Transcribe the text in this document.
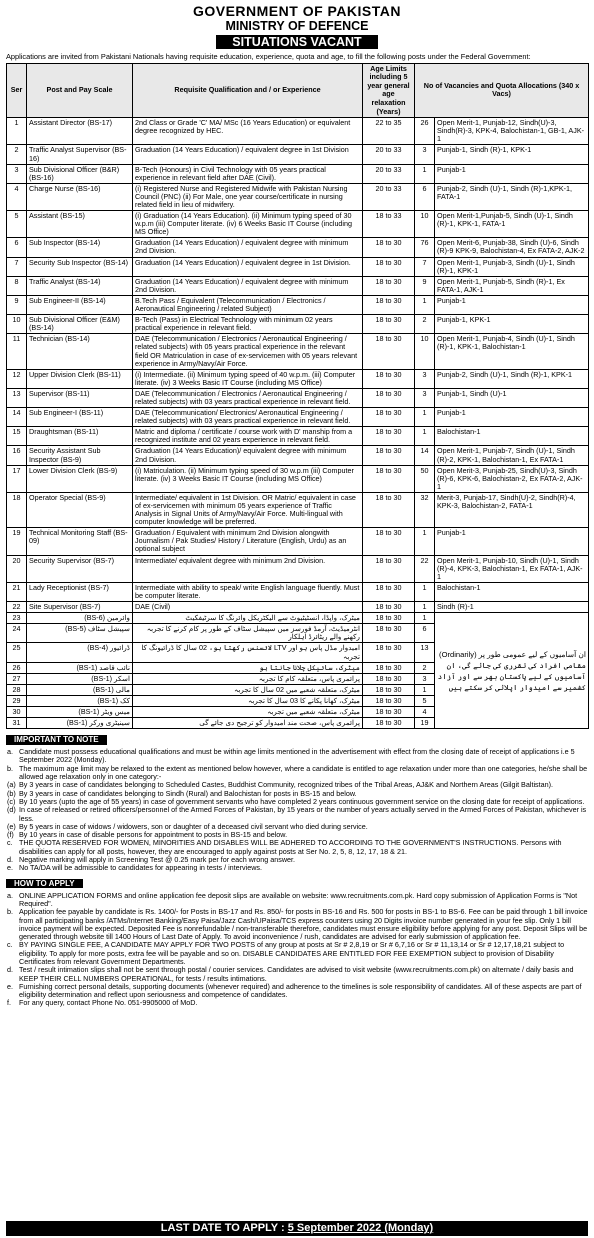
GOVERNMENT OF PAKISTAN
MINISTRY OF DEFENCE
SITUATIONS VACANT
Applications are invited from Pakistani Nationals having requisite education, experience, quota and age, to fill the following posts under the Federal Government:
Ser	Post and Pay Scale	Requisite Qualification and / or Experience	Age Limits including 5 year general age relaxation (Years)	No of Vacancies and Quota Allocations (340 x Vacs)	
1	Assistant Director (BS-17)	2nd Class or Grade 'C' MA/ MSc (16 Years Education) or equivalent degree recognized by HEC.	22 to 35	26	Open Merit-1, Punjab-12, Sindh(U)-3, Sindh(R)-3, KPK-4, Balochistan-1, GB-1, AJK-1
2	Traffic Analyst Supervisor (BS-16)	Graduation (14 Years Education) / equivalent degree in 1st Division	20 to 33	3	Punjab-1, Sindh (R)-1, KPK-1
3	Sub Divisional Officer (B&R) (BS-16)	B-Tech (Honours) in Civil Technology with 05 years practical experience in relevant field after DAE (Civil).	20 to 33	1	Punjab-1
4	Charge Nurse (BS-16)	(i) Registered Nurse and Registered Midwife with Pakistan Nursing Council (PNC) (ii) For Male, one year course/certificate in nursing related field in lieu of midwifery.	20 to 33	6	Punjab-2, Sindh (U)-1, Sindh (R)-1,KPK-1, FATA-1
5	Assistant (BS-15)	(i) Graduation (14 Years Education). (ii) Minimum typing speed of 30 w.p.m (iii) Computer literate. (iv) 6 Weeks Basic IT Course (including MS Office)	18 to 33	10	Open Merit-1,Punjab-5, Sindh (U)-1, Sindh (R)-1, KPK-1, FATA-1
6	Sub Inspector (BS-14)	Graduation (14 Years Education) / equivalent degree with minimum 2nd Division.	18 to 30	76	Open Merit-6, Punjab-38, Sindh (U)-6, Sindh (R)-9 KPK-9, Balochistan-4, Ex FATA-2, AJK-2
7	Security Sub Inspector (BS-14)	Graduation (14 Years Education) / equivalent degree in 1st Division.	18 to 30	7	Open Merit-1, Punjab-3, Sindh (U)-1, Sindh (R)-1, KPK-1
8	Traffic Analyst (BS-14)	Graduation (14 Years Education) / equivalent degree with minimum 2nd Division.	18 to 30	9	Open Merit-1, Punjab-5, Sindh (R)-1, Ex FATA-1, AJK-1
9	Sub Engineer-II (BS-14)	B.Tech Pass / Equivalent (Telecommunication / Electronics / Aeronautical Engineering / related Subject)	18 to 30	1	Punjab-1
10	Sub Divisional Officer (E&M) (BS-14)	B-Tech (Pass) in Electrical Technology with minimum 02 years practical experience in relevant field.	18 to 30	2	Punjab-1, KPK-1
11	Technician (BS-14)	DAE (Telecommunication / Electronics / Aeronautical Engineering / related subjects) with 05 years practical experience in the relevant field OR Matriculation in case of ex-servicemen with 05 years relevant experience in Army/Navy/Air Force.	18 to 30	10	Open Merit-1, Punjab-4, Sindh (U)-1, Sindh (R)-1, KPK-1, Balochistan-1
12	Upper Division Clerk (BS-11)	(i) Intermediate. (ii) Minimum typing speed of 40 w.p.m. (iii) Computer literate. (iv) 3 Weeks Basic IT Course (including MS Office)	18 to 30	3	Punjab-2, Sindh (U)-1, Sindh (R)-1, KPK-1
13	Supervisor (BS-11)	DAE (Telecommunication / Electronics / Aeronautical Engineering / related subjects) with 03 years practical experience in relevant field.	18 to 30	3	Punjab-1, Sindh (U)-1
14	Sub Engineer-I (BS-11)	DAE (Telecommunication/ Electronics/ Aeronautical Engineering / related subjects) with 03 years practical experience in relevant field.	18 to 30	1	Punjab-1
15	Draughtsman (BS-11)	Matric and diploma / certificate / course work with D' manship from a recognized institute and 02 years experience in relevant field.	18 to 30	1	Balochistan-1
16	Security Assistant Sub Inspector (BS-9)	Graduation (14 Years Education)/ equivalent degree with minimum 2nd Division.	18 to 30	14	Open Merit-1, Punjab-7, Sindh (U)-1, Sindh (R)-2, KPK-1, Balochistan-1, Ex FATA-1
17	Lower Division Clerk (BS-9)	(i) Matriculation. (ii) Minimum typing speed of 30 w.p.m (iii) Computer literate. (iv) 3 Weeks Basic IT Course (including MS Office)	18 to 30	50	Open Merit-3, Punjab-25, Sindh(U)-3, Sindh (R)-6, KPK-6, Balochistan-2, Ex FATA-2, AJK-1
18	Operator Special (BS-9)	Intermediate/ equivalent in 1st Division. OR Matric/ equivalent in case of ex-servicemen with minimum 05 years experience of Traffic Analysis in Signal Units of Army/Navy/Air Force. Multi-lingual with computer knowledge will be preferred.	18 to 30	32	Merit-3, Punjab-17, Sindh(U)-2, Sindh(R)-4, KPK-3, Balochistan-2, FATA-1
19	Technical Monitoring Staff (BS-09)	Graduation / Equivalent with minimum 2nd Division alongwith Journalism / Pak Studies/ History / Literature (English, Urdu) as an optional subject	18 to 30	1	Punjab-1
20	Security Supervisor (BS-7)	Intermediate/ equivalent degree with minimum 2nd Division.	18 to 30	22	Open Merit-1, Punjab-10, Sindh (U)-1, Sindh (R)-4, KPK-3, Balochistan-1, Ex FATA-1, AJK-1
21	Lady Receptionist (BS-7)	Intermediate with ability to speak/ write English language fluently. Must be computer literate.	18 to 30	1	Balochistan-1
22	Site Supervisor (BS-7)	DAE (Civil)	18 to 30	1	Sindh (R)-1
23	وائرمین (BS-6)	میٹرک، واپڈا، انسٹیٹیوٹ سے الیکٹریکل وائرنگ کا سرٹیفکیٹ	18 to 30	1	ان آسامیوں کے لیے عمومی طور پر (Ordinarily) مقامی افراد کی تقرری کی جائے گی، ان آسامیوں کے لیے پاکستان بھر سے اور آزاد کشمیر سے امیدوار اپلائی کر سکتے ہیں
24	سپیشل سٹاف (BS-5)	انٹرمیڈیٹ، آرمڈ فورسز میں سپیشل سٹاف کے طور پر کام کرنے کا تجربہ رکھنے والے ریٹائرڈ اہلکار	18 to 30	6	
25	ڈرائیور (BS-4)	امیدوار مڈل پاس ہو اور LTV لائسنس رکھتا ہو، 02 سال کا ڈرائیونگ کا تجربہ	18 to 30	13	
26	نائب قاصد (BS-1)	میٹرک، سائیکل چلانا جانتا ہو	18 to 30	2	
27	اسکر (BS-1)	پرائمری پاس، متعلقہ کام کا تجربہ	18 to 30	3	
28	مالی (BS-1)	میٹرک، متعلقہ شعبے میں 02 سال کا تجربہ	18 to 30	1	
29	کک (BS-1)	میٹرک، کھانا پکانے کا 03 سال کا تجربہ	18 to 30	5	
30	میس ویٹر (BS-1)	میٹرک، متعلقہ شعبے میں تجربہ	18 to 30	4	
31	سینیٹری ورکر (BS-1)	پرائمری پاس، صحت مند امیدوار کو ترجیح دی جائے گی	18 to 30	19	
IMPORTANT TO NOTE
a. Candidate must possess educational qualifications and must be within age limits mentioned in the advertisement with effect from the closing date of receipt of applications i.e 5 September 2022 (Monday).
b. The maximum age limit may be relaxed to the extent as mentioned below however, where a candidate is entitled to age relaxation under more than one categories, he/she shall be allowed age relaxation only in one category:-
(a) By 3 years in case of candidates belonging to Scheduled Castes, Buddhist Community, recognized tribes of the Tribal Areas, AJ&K and Northern Areas (Gilgit Baltistan).
(b) By 3 years in case of candidates belonging to Sindh (Rural) and Balochistan for posts in BS-15 and below.
(c) By 10 years (upto the age of 55 years) in case of government servants who have completed 2 years continuous government service on the closing date for receipt of applications.
(d) In case of released or retired officers/personnel of the Armed Forces of Pakistan, by 15 years or the number of years actually served in the Armed Forces of Pakistan, whichever is less.
(e) By 5 years in case of widows / widowers, son or daughter of a deceased civil servant who died during service.
(f) By 10 years in case of disable persons for appointment to posts in BS-15 and below.
c. THE QUOTA RESERVED FOR WOMEN, MINORITIES AND DISABLES WILL BE ADHERED TO ACCORDING TO THE GOVERNMENT'S INSTRUCTIONS. Persons with disabilities can apply for all posts, however, they are encouraged to apply against posts at Ser No. 2, 5, 8, 12, 17, 18 & 21.
d. Negative marking will apply in Screening Test @ 0.25 mark per for each wrong answer.
e. No TA/DA will be admissible to candidates for appearing in tests / interviews.
HOW TO APPLY
a. ONLINE APPLICATION FORMS and online application fee deposit slips are available on website: www.recruitments.com.pk. Hard copy submission of Application Forms is "Not Required".
b. Application fee payable by candidate is Rs. 1400/- for Posts in BS-17 and Rs. 850/- for posts in BS-16 and Rs. 500 for posts in BS-1 to BS-6. Fee can be paid through 1 bill invoice from all participating banks /ATMs/Internet Banking/Easy Paisa/Jazz Cash/UPaisa/TCS express counters using 20 Digits invoice number generated in your fee slip. Only 1 bill invoice payment will be expected. Deposited Fee is nonrefundable / non-transferable therefore, candidates must ensure eligibility before applying for any post. Deposit Slips will be generated through website till 1400 Hours of Last Date of Apply. To avoid inconvenience / rush, candidates are advised for early submission of application fee.
c. BY PAYING SINGLE FEE, A CANDIDATE MAY APPLY FOR TWO POSTS of any group at posts at Sr # 2,8,19 or Sr # 6,7,16 or Sr # 11,13,14 or Sr # 12,17,18,21 subject to eligibility. To apply for more posts, extra fee will be payable and so on. DISABLE CANDIDATES ARE ENTITLED FOR FEE EXEMPTION subject to provision of Disability Certificates from relevant Government Departments.
d. Test / result intimation slips shall not be sent through postal / courier services. Candidates are advised to visit website (www.recruitments.com.pk) on alternate / daily basis and KEEP THEIR CELL NUMBERS OPERATIONAL, for tests / results intimations.
e. Furnishing correct personal details, supporting documents (whenever required) and adherence to the timelines is sole responsibility of candidates. All of these aspects are part of eligibility determination and reflect upon seriousness and competence of candidates.
f. For any query, contact Phone No. 051-9905000 of MoD.
LAST DATE TO APPLY : 5 September 2022 (Monday)
